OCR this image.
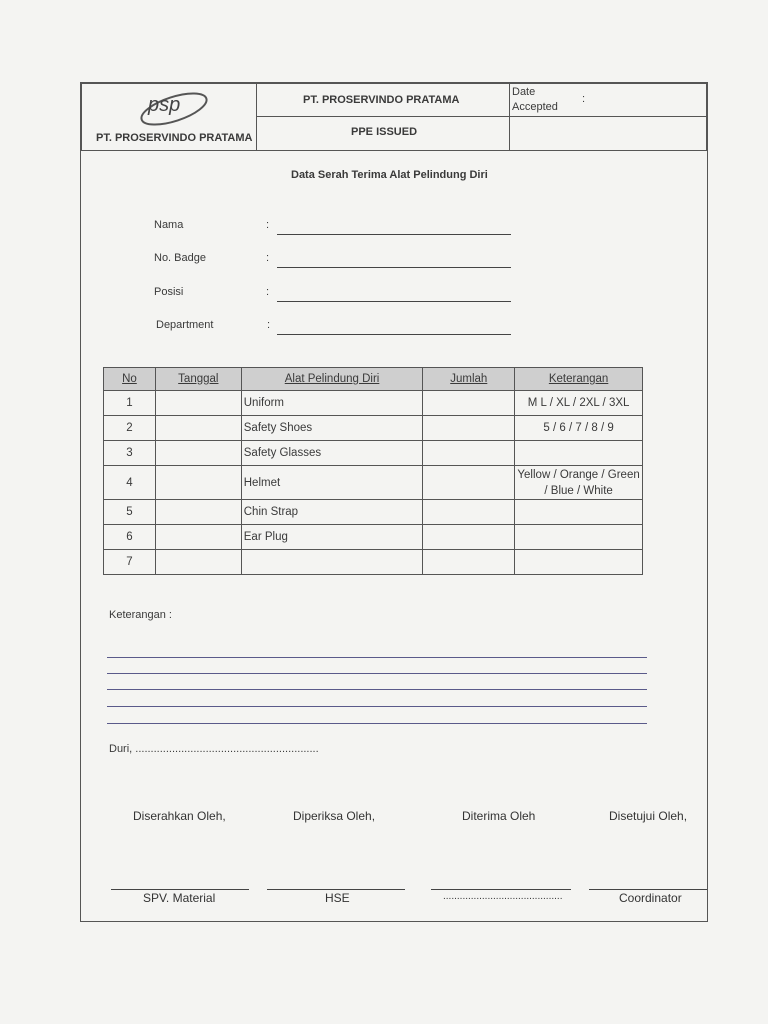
psp
PT. PROSERVINDO PRATAMA
PT. PROSERVINDO PRATAMA
PPE ISSUED
Date
Accepted
:
Data Serah Terima Alat Pelindung Diri
Nama	:
No. Badge	:
Posisi	:
Department	:
No	Tanggal	Alat Pelindung Diri	Jumlah	Keterangan
1		Uniform		M L / XL / 2XL / 3XL
2		Safety Shoes		5 / 6 / 7 / 8 / 9
3		Safety Glasses		
4		Helmet		Yellow / Orange / Green / Blue / White
5		Chin Strap		
6		Ear Plug		
7				
Keterangan :
Duri, ............................................................
Diserahkan Oleh,	Diperiksa Oleh,	Diterima Oleh	Disetujui Oleh,
SPV. Material	HSE	...........................................	Coordinator
